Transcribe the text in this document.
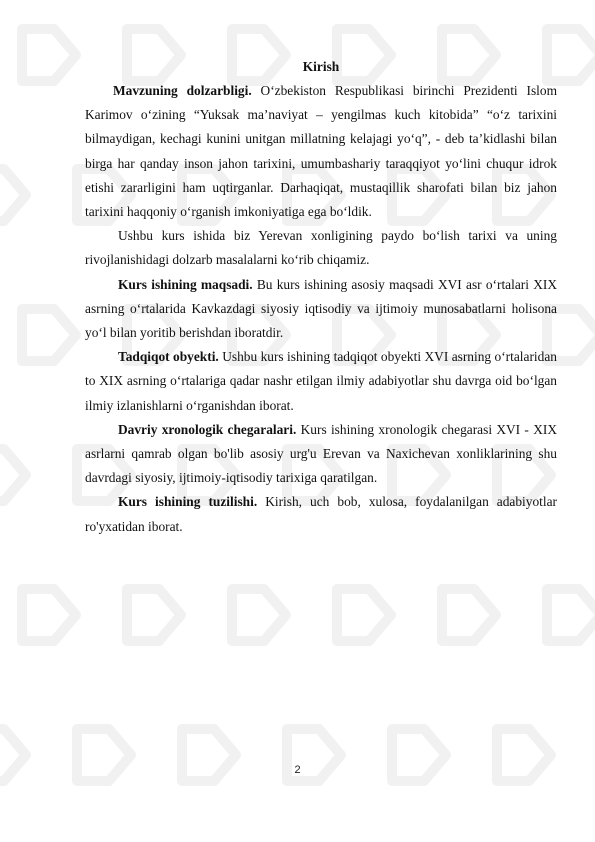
Kirish

Mavzuning dolzarbligi. O‘zbekiston Respublikasi birinchi Prezidenti Islom Karimov o‘zining “Yuksak ma’naviyat – yengilmas kuch kitobida” “o‘z tarixini bilmaydigan, kechagi kunini unitgan millatning kelajagi yo‘q”, - deb ta’kidlashi bilan birga har qanday inson jahon tarixini, umumbashariy taraqqiyot yo‘lini chuqur idrok etishi zararligini ham uqtirganlar. Darhaqiqat, mustaqillik sharofati bilan biz jahon tarixini haqqoniy o‘rganish imkoniyatiga ega bo‘ldik.

Ushbu kurs ishida biz Yerevan xonligining paydo bo‘lish tarixi va uning rivojlanishidagi dolzarb masalalarni ko‘rib chiqamiz.

Kurs ishining maqsadi. Bu kurs ishining asosiy maqsadi XVI asr o‘rtalari XIX asrning o‘rtalarida Kavkazdagi siyosiy iqtisodiy va ijtimoiy munosabatlarni holisona yo‘l bilan yoritib berishdan iboratdir.

Tadqiqot obyekti. Ushbu kurs ishining tadqiqot obyekti XVI asrning o‘rtalaridan to XIX asrning o‘rtalariga qadar nashr etilgan ilmiy adabiyotlar shu davrga oid bo‘lgan ilmiy izlanishlarni o‘rganishdan iborat.

Davriy xronologik chegaralari. Kurs ishining xronologik chegarasi XVI - XIX asrlarni qamrab olgan bo'lib asosiy urg'u Erevan va Naxichevan xonliklarining shu davrdagi siyosiy, ijtimoiy-iqtisodiy tarixiga qaratilgan.

Kurs ishining tuzilishi. Kirish, uch bob, xulosa, foydalanilgan adabiyotlar ro'yxatidan iborat.

2
